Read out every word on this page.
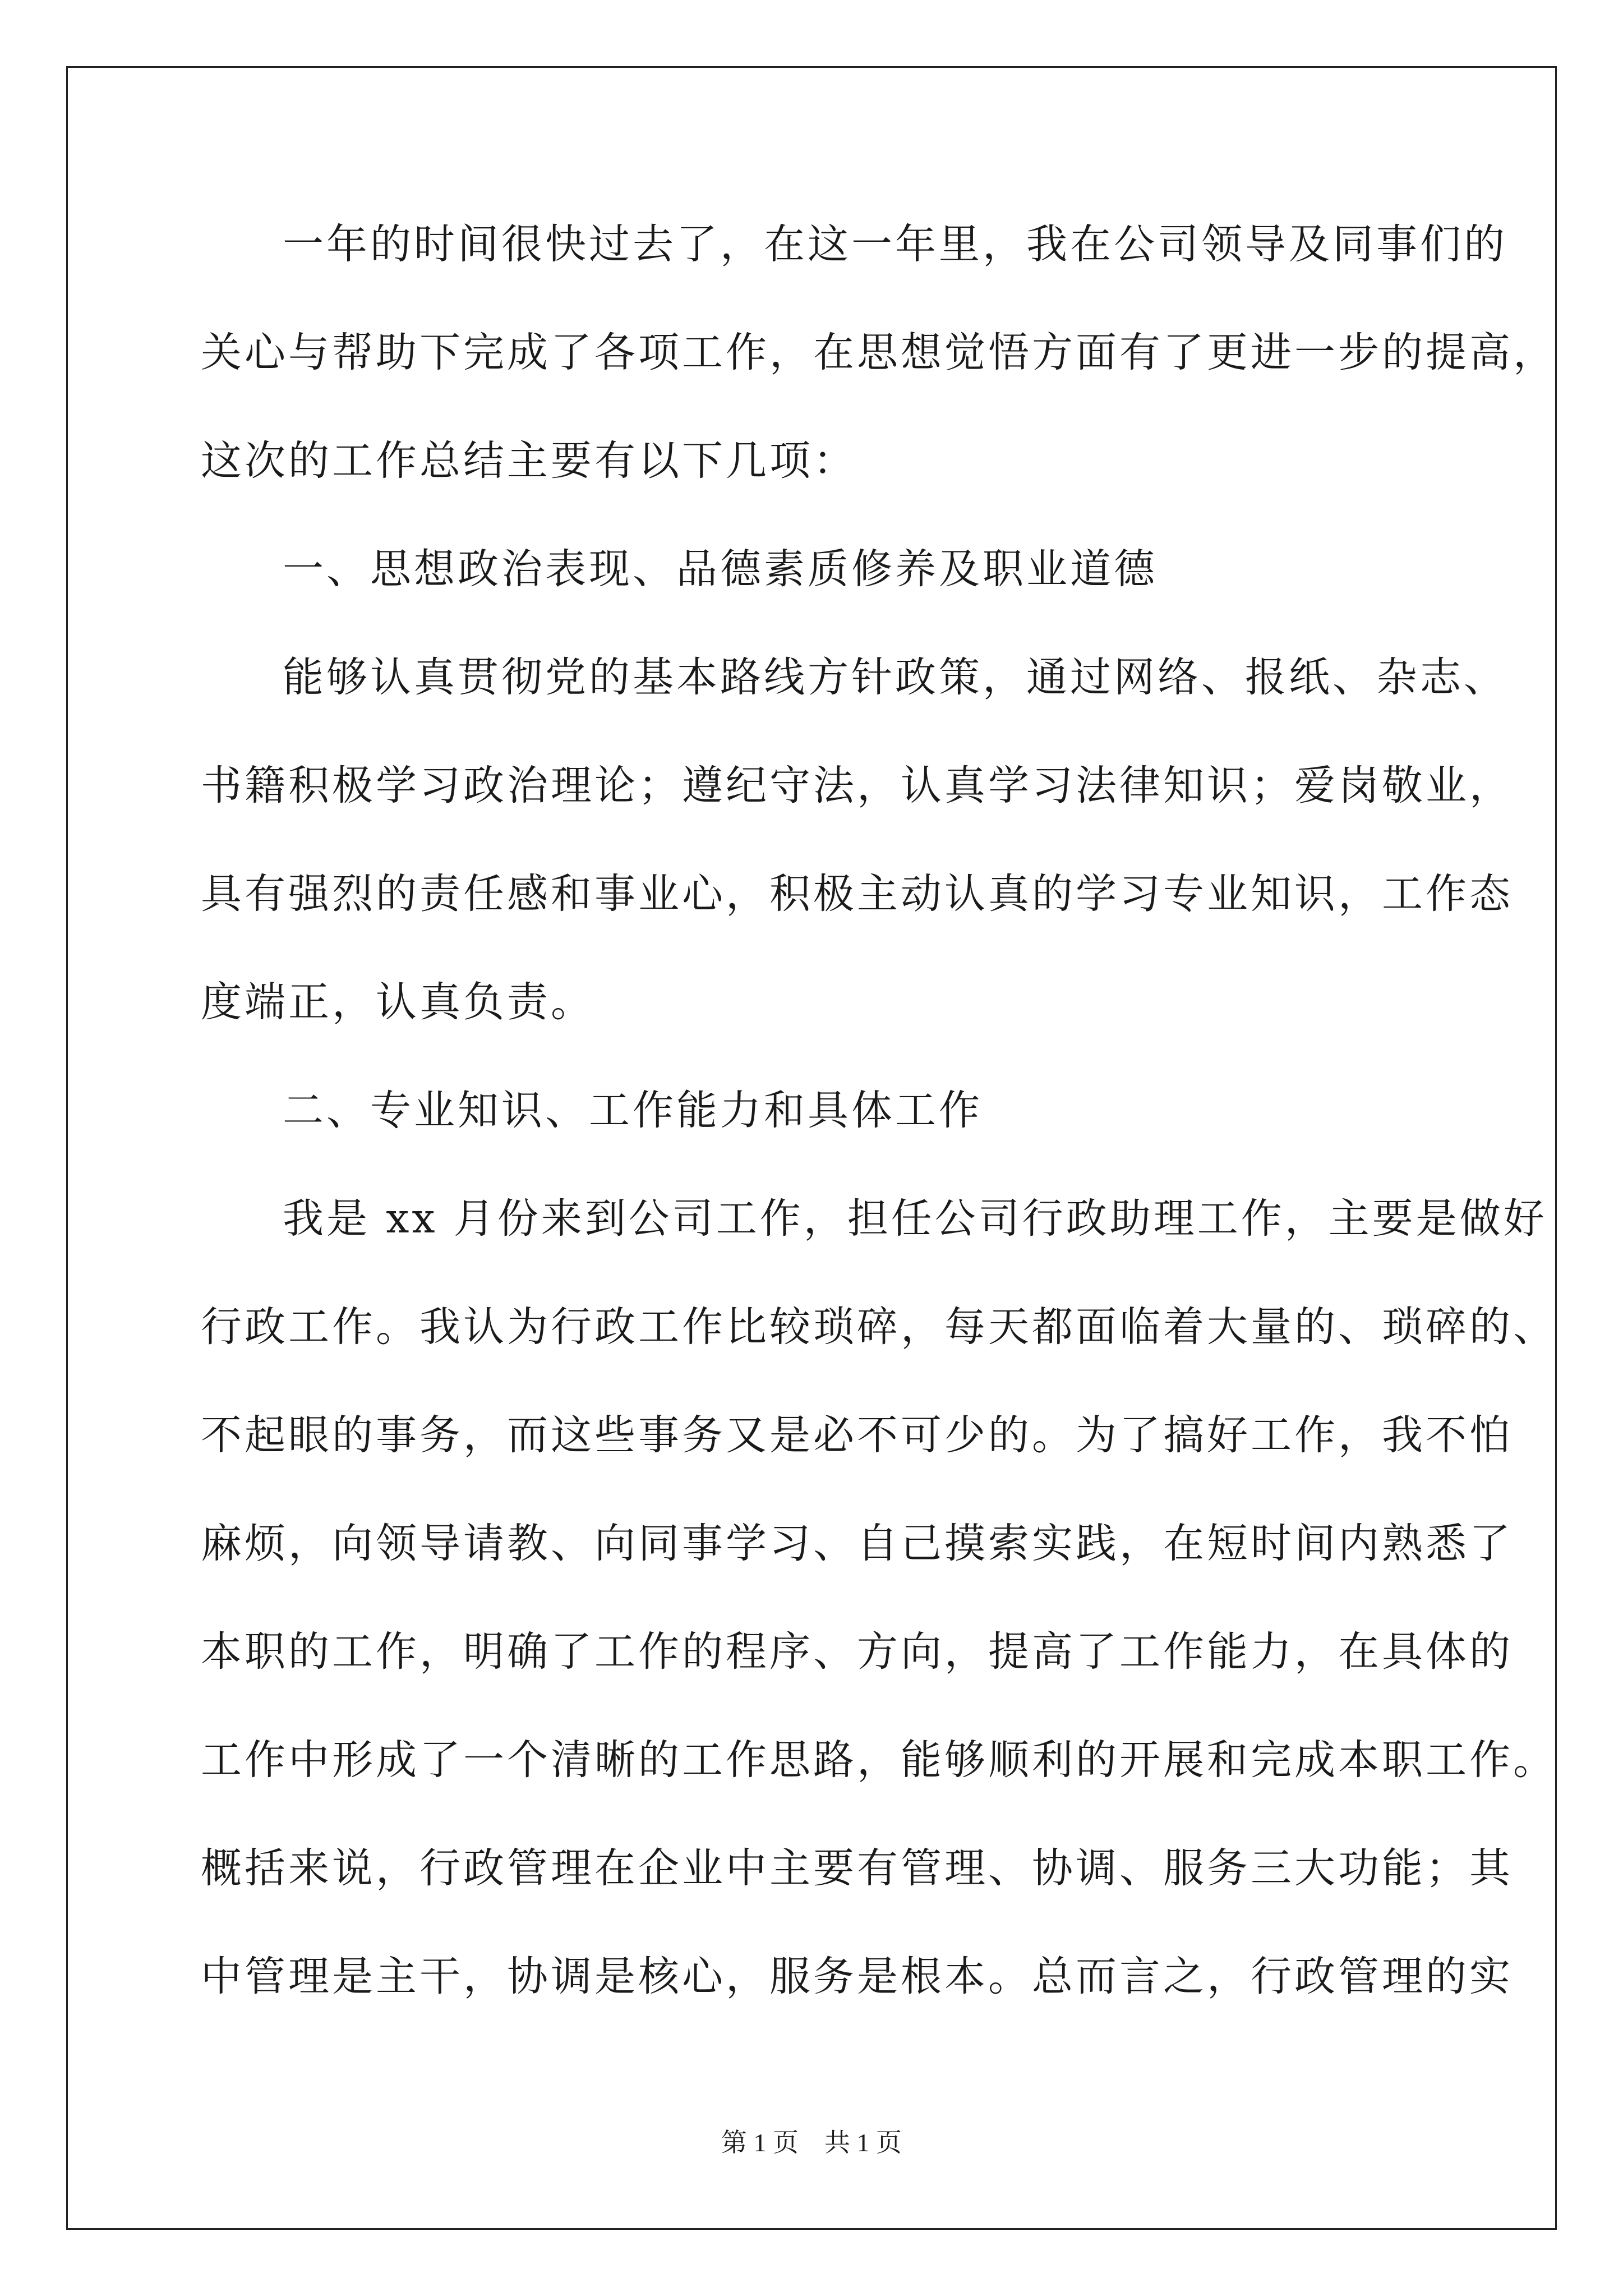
一年的时间很快过去了，在这一年里，我在公司领导及同事们的
关心与帮助下完成了各项工作，在思想觉悟方面有了更进一步的提高，
这次的工作总结主要有以下几项：
一、思想政治表现、品德素质修养及职业道德
能够认真贯彻党的基本路线方针政策，通过网络、报纸、杂志、
书籍积极学习政治理论；遵纪守法，认真学习法律知识；爱岗敬业，
具有强烈的责任感和事业心，积极主动认真的学习专业知识，工作态
度端正，认真负责。
二、专业知识、工作能力和具体工作
我是 xx 月份来到公司工作，担任公司行政助理工作，主要是做好
行政工作。我认为行政工作比较琐碎，每天都面临着大量的、琐碎的、
不起眼的事务，而这些事务又是必不可少的。为了搞好工作，我不怕
麻烦，向领导请教、向同事学习、自己摸索实践，在短时间内熟悉了
本职的工作，明确了工作的程序、方向，提高了工作能力，在具体的
工作中形成了一个清晰的工作思路，能够顺利的开展和完成本职工作。
概括来说，行政管理在企业中主要有管理、协调、服务三大功能；其
中管理是主干，协调是核心，服务是根本。总而言之，行政管理的实
第 1 页    共 1 页
